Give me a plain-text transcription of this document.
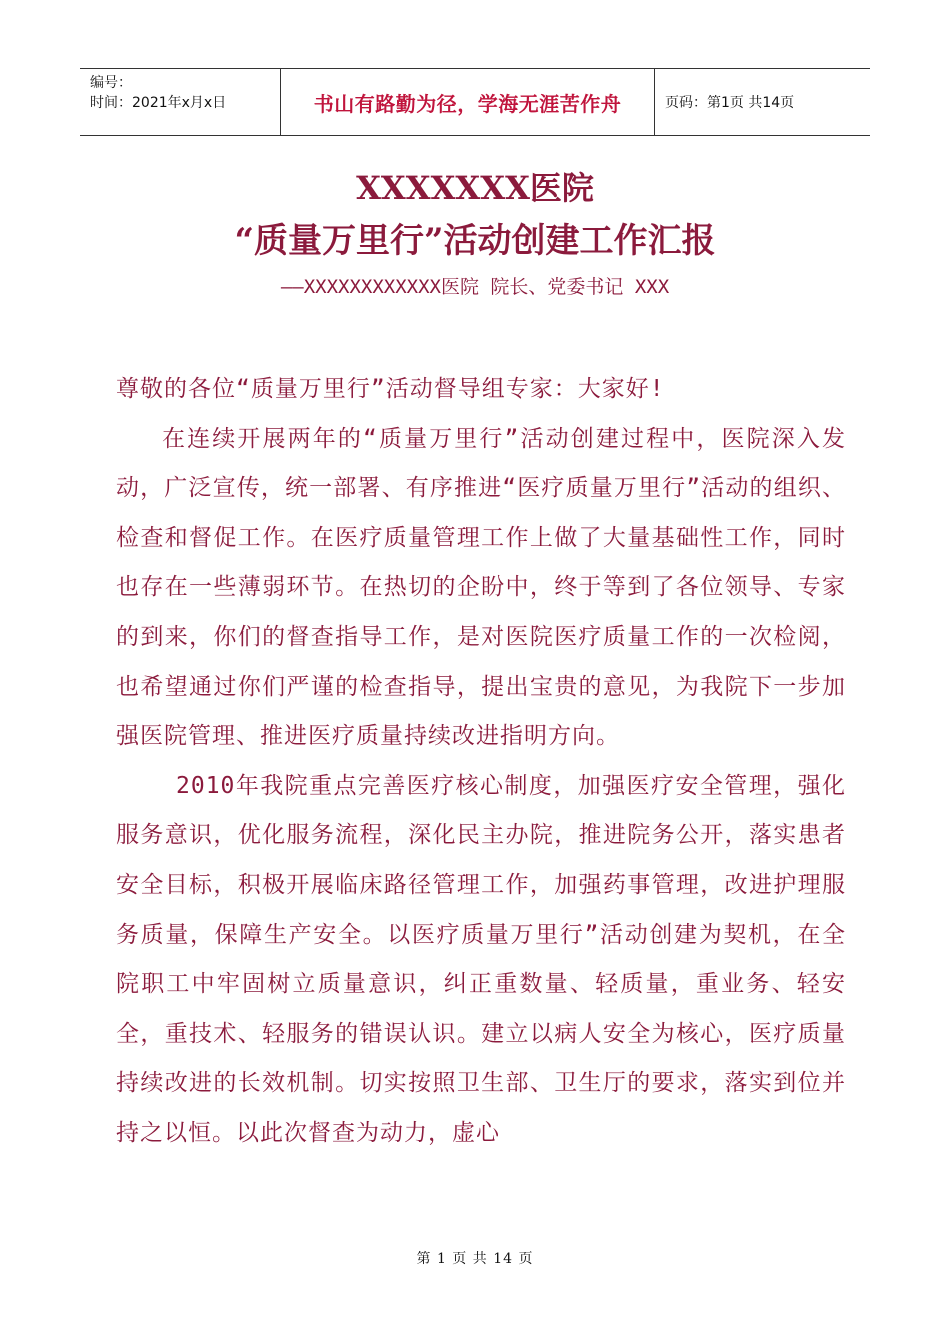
编号：
时间：2021年x月x日	书山有路勤为径，学海无涯苦作舟	页码：第1页 共14页
XXXXXXX医院
“质量万里行”活动创建工作汇报
——XXXXXXXXXXXX医院 院长、党委书记 XXX

尊敬的各位“质量万里行”活动督导组专家：大家好!

在连续开展两年的“质量万里行”活动创建过程中，医院深入发动，广泛宣传，统一部署、有序推进“医疗质量万里行”活动的组织、检查和督促工作。在医疗质量管理工作上做了大量基础性工作，同时也存在一些薄弱环节。在热切的企盼中，终于等到了各位领导、专家的到来，你们的督查指导工作，是对医院医疗质量工作的一次检阅，也希望通过你们严谨的检查指导，提出宝贵的意见，为我院下一步加强医院管理、推进医疗质量持续改进指明方向。

2010年我院重点完善医疗核心制度，加强医疗安全管理，强化服务意识，优化服务流程，深化民主办院，推进院务公开，落实患者安全目标，积极开展临床路径管理工作，加强药事管理，改进护理服务质量，保障生产安全。以医疗质量万里行”活动创建为契机，在全院职工中牢固树立质量意识，纠正重数量、轻质量，重业务、轻安全，重技术、轻服务的错误认识。建立以病人安全为核心，医疗质量持续改进的长效机制。切实按照卫生部、卫生厅的要求，落实到位并持之以恒。以此次督查为动力，虚心

第 1 页 共 14 页
